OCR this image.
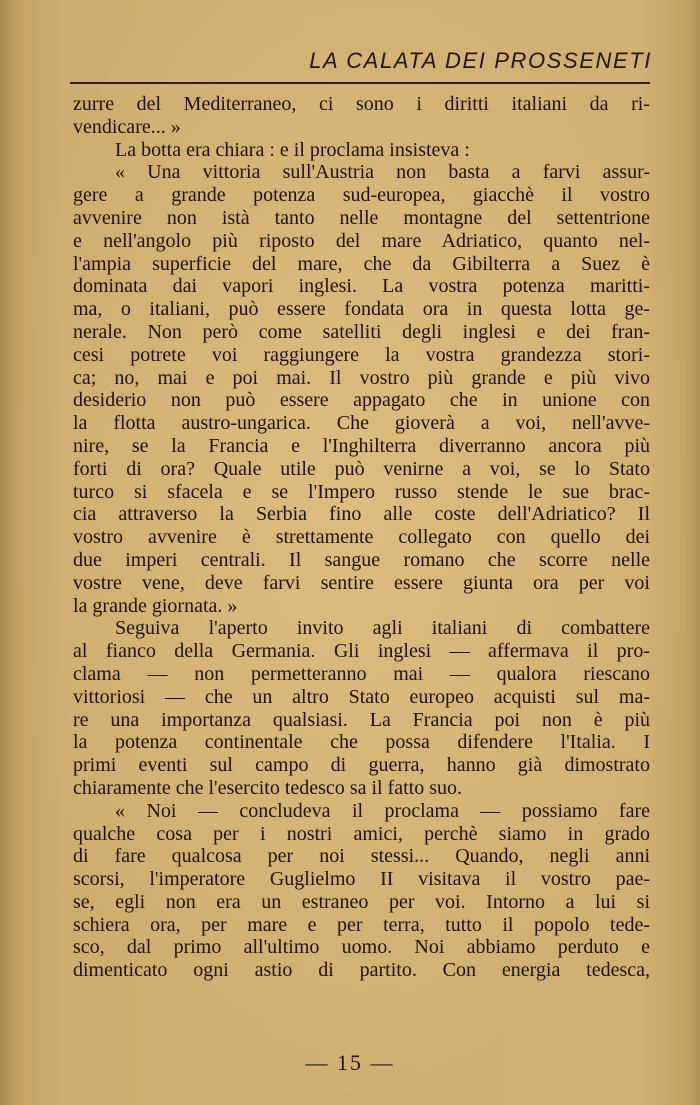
LA CALATA DEI PROSSENETI
zurre del Mediterraneo, ci sono i diritti italiani da ri-
vendicare... »
La botta era chiara : e il proclama insisteva :
« Una vittoria sull'Austria non basta a farvi assur-
gere a grande potenza sud-europea, giacchè il vostro
avvenire non istà tanto nelle montagne del settentrione
e nell'angolo più riposto del mare Adriatico, quanto nel-
l'ampia superficie del mare, che da Gibilterra a Suez è
dominata dai vapori inglesi. La vostra potenza maritti-
ma, o italiani, può essere fondata ora in questa lotta ge-
nerale. Non però come satelliti degli inglesi e dei fran-
cesi potrete voi raggiungere la vostra grandezza stori-
ca; no, mai e poi mai. Il vostro più grande e più vivo
desiderio non può essere appagato che in unione con
la flotta austro-ungarica. Che gioverà a voi, nell'avve-
nire, se la Francia e l'Inghilterra diverranno ancora più
forti di ora? Quale utile può venirne a voi, se lo Stato
turco si sfacela e se l'Impero russo stende le sue brac-
cia attraverso la Serbia fino alle coste dell'Adriatico? Il
vostro avvenire è strettamente collegato con quello dei
due imperi centrali. Il sangue romano che scorre nelle
vostre vene, deve farvi sentire essere giunta ora per voi
la grande giornata. »
Seguiva l'aperto invito agli italiani di combattere
al fianco della Germania. Gli inglesi — affermava il pro-
clama — non permetteranno mai — qualora riescano
vittoriosi — che un altro Stato europeo acquisti sul ma-
re una importanza qualsiasi. La Francia poi non è più
la potenza continentale che possa difendere l'Italia. I
primi eventi sul campo di guerra, hanno già dimostrato
chiaramente che l'esercito tedesco sa il fatto suo.
« Noi — concludeva il proclama — possiamo fare
qualche cosa per i nostri amici, perchè siamo in grado
di fare qualcosa per noi stessi... Quando, negli anni
scorsi, l'imperatore Guglielmo II visitava il vostro pae-
se, egli non era un estraneo per voi. Intorno a lui si
schiera ora, per mare e per terra, tutto il popolo tede-
sco, dal primo all'ultimo uomo. Noi abbiamo perduto e
dimenticato ogni astio di partito. Con energia tedesca,
— 15 —
